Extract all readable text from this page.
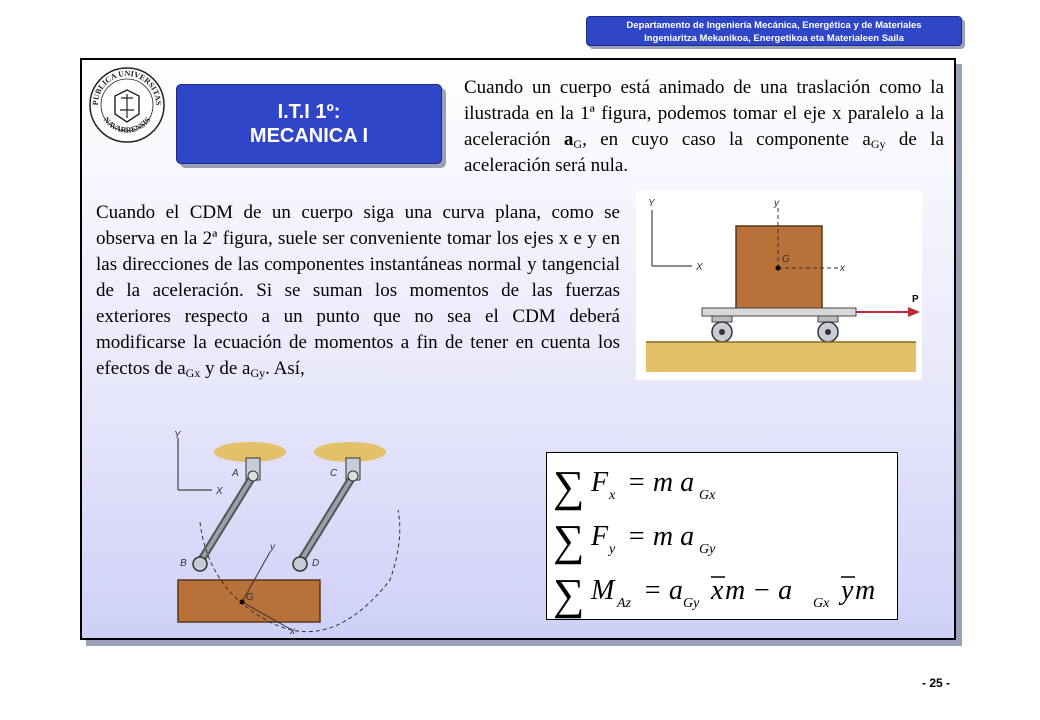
Departamento de Ingeniería Mecánica, Energética y de Materiales
Ingeniaritza Mekanikoa, Energetikoa eta Materialeen Saila
PUBLICA UNIVERSITAS
NAVARRENSIS	I.T.I 1º:
MECANICA I
Cuando un cuerpo está animado de una traslación como la ilustrada en la 1ª figura, podemos tomar el eje x paralelo a la aceleración $a_G$, en cuyo caso la componente $a_{Gy}$ de la aceleración será nula.
Cuando el CDM de un cuerpo siga una curva plana, como se observa en la 2ª figura, suele ser conveniente tomar los ejes x e y en las direcciones de las componentes instantáneas normal y tangencial de la aceleración. Si se suman los momentos de las fuerzas exteriores respecto a un punto que no sea el CDM deberá modificarse la ecuación de momentos a fin de tener en cuenta los efectos de $a_{Gx}$ y de $a_{Gy}$. Así,
Y
X
y
x
G
P
Y
X
A	C
B	D
G
y
x
∑ F x = m a Gx
∑ F y = m a Gy
∑ M Az = a Gy x m − a Gx y m
- 25 -
